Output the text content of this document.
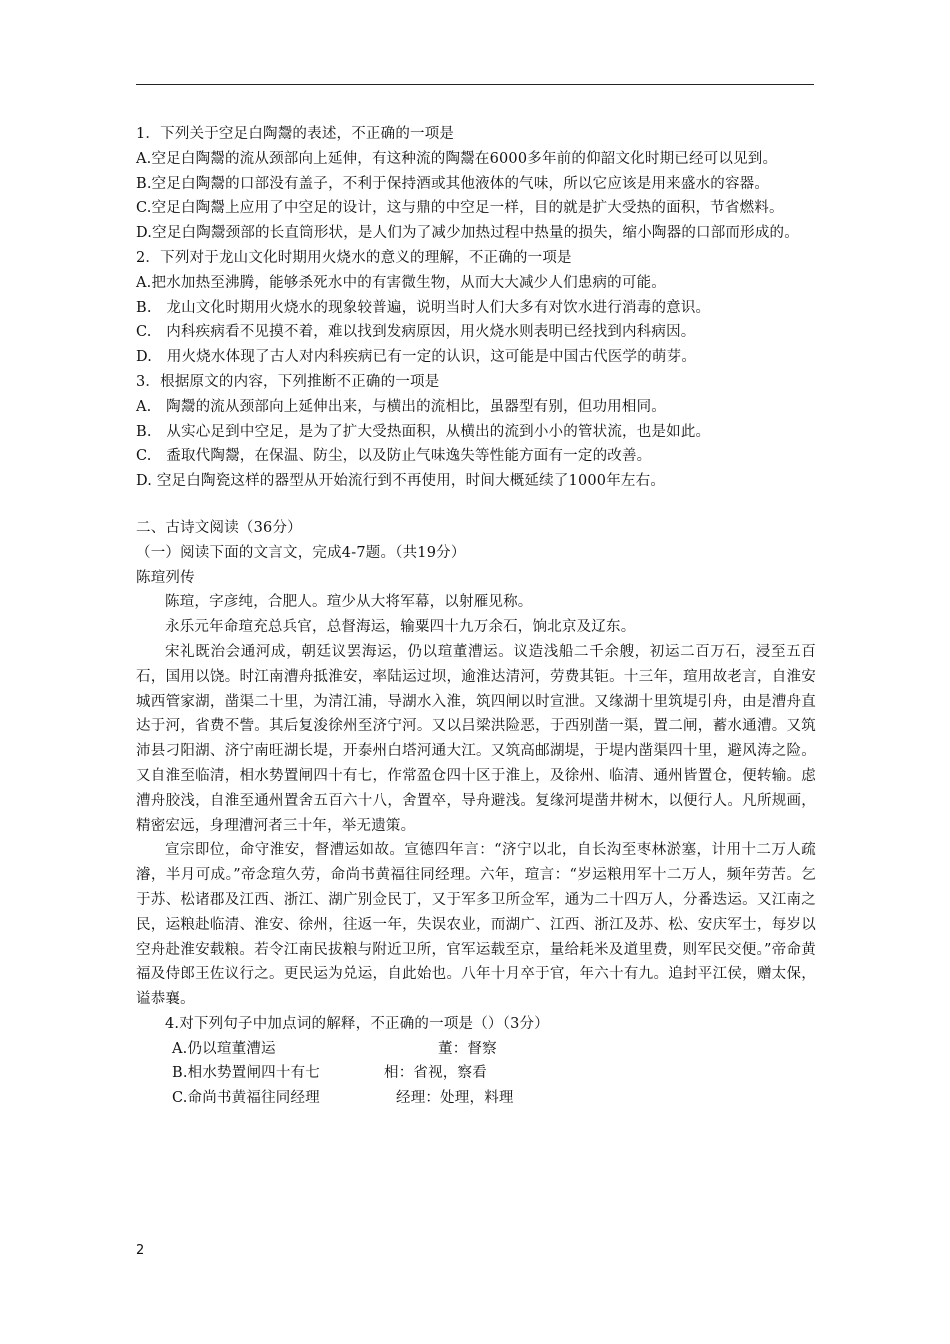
1．下列关于空足白陶鬶的表述，不正确的一项是

A.空足白陶鬶的流从颈部向上延伸，有这种流的陶鬶在6000多年前的仰韶文化时期已经可以见到。

B.空足白陶鬶的口部没有盖子，不利于保持酒或其他液体的气味，所以它应该是用来盛水的容器。

C.空足白陶鬶上应用了中空足的设计，这与鼎的中空足一样，目的就是扩大受热的面积，节省燃料。

D.空足白陶鬶颈部的长直筒形状，是人们为了减少加热过程中热量的损失，缩小陶器的口部而形成的。

2．下列对于龙山文化时期用火烧水的意义的理解，不正确的一项是

A.把水加热至沸腾，能够杀死水中的有害微生物，从而大大减少人们患病的可能。

B.　龙山文化时期用火烧水的现象较普遍，说明当时人们大多有对饮水进行消毒的意识。

C.　内科疾病看不见摸不着，难以找到发病原因，用火烧水则表明已经找到内科病因。

D.　用火烧水体现了古人对内科疾病已有一定的认识，这可能是中国古代医学的萌芽。

3．根据原文的内容，下列推断不正确的一项是

A.　陶鬶的流从颈部向上延伸出来，与横出的流相比，虽器型有别，但功用相同。

B.　从实心足到中空足，是为了扩大受热面积，从横出的流到小小的管状流，也是如此。

C.　盉取代陶鬶，在保温、防尘，以及防止气味逸失等性能方面有一定的改善。

D. 空足白陶瓷这样的器型从开始流行到不再使用，时间大概延续了1000年左右。

二、古诗文阅读（36分）

（一）阅读下面的文言文，完成4-7题。（共19分）

陈瑄列传

陈瑄，字彦纯，合肥人。瑄少从大将军幕，以射雁见称。

永乐元年命瑄充总兵官，总督海运，输粟四十九万余石，饷北京及辽东。

宋礼既治会通河成，朝廷议罢海运，仍以瑄董漕运。议造浅船二千余艘，初运二百万石，浸至五百石，国用以饶。时江南漕舟抵淮安，率陆运过坝，逾淮达清河，劳费其钜。十三年，瑄用故老言，自淮安城西管家湖，凿渠二十里，为清江浦，导湖水入淮，筑四闸以时宣泄。又缘湖十里筑堤引舟，由是漕舟直达于河，省费不訾。其后复浚徐州至济宁河。又以吕梁洪险恶，于西别凿一渠，置二闸，蓄水通漕。又筑沛县刁阳湖、济宁南旺湖长堤，开泰州白塔河通大江。又筑高邮湖堤，于堤内凿渠四十里，避风涛之险。又自淮至临清，相水势置闸四十有七，作常盈仓四十区于淮上，及徐州、临清、通州皆置仓，便转输。虑漕舟胶浅，自淮至通州置舍五百六十八，舍置卒，导舟避浅。复缘河堤凿井树木，以便行人。凡所规画，精密宏远，身理漕河者三十年，举无遗策。

宣宗即位，命守淮安，督漕运如故。宣德四年言：“济宁以北，自长沟至枣林淤塞，计用十二万人疏濬，半月可成。”帝念瑄久劳，命尚书黄福往同经理。六年，瑄言：“岁运粮用军十二万人，频年劳苦。乞于苏、松诸郡及江西、浙江、湖广别佥民丁，又于军多卫所佥军，通为二十四万人，分番迭运。又江南之民，运粮赴临清、淮安、徐州，往返一年，失误农业，而湖广、江西、浙江及苏、松、安庆军士，每岁以空舟赴淮安载粮。若令江南民拔粮与附近卫所，官军运载至京，量给耗米及道里费，则军民交便。”帝命黄福及侍郎王佐议行之。更民运为兑运，自此始也。八年十月卒于官，年六十有九。追封平江侯，赠太保，谥恭襄。

4.对下列句子中加点词的解释，不正确的一项是（）（3分）

A.仍以瑄董漕运	董：督察
B.相水势置闸四十有七	相：省视，察看
C.命尚书黄福往同经理	经理：处理，料理
2
